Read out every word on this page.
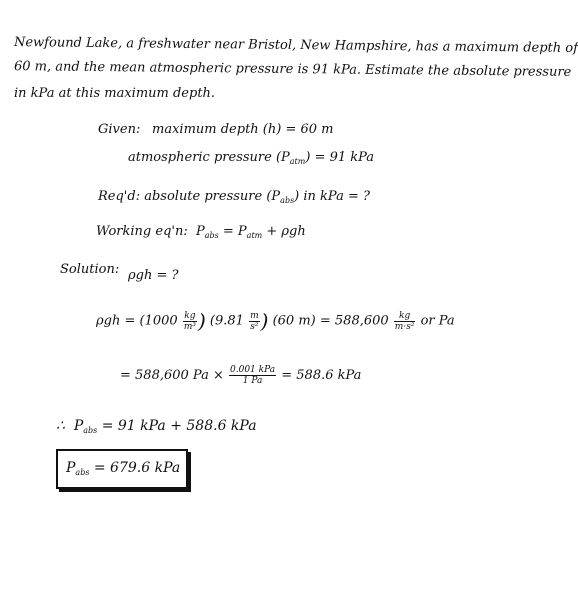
Newfound Lake, a freshwater near Bristol, New Hampshire, has a maximum depth of
60 m, and the mean atmospheric pressure is 91 kPa. Estimate the absolute pressure
in kPa at this maximum depth.
Given: maximum depth (h) = 60 m
atmospheric pressure $(P_{atm}) = 91$ kPa
Req'd: absolute pressure $(P_{abs})$ in kPa = ?
Working eq'n: $P_{abs} = P_{atm} + \rho gh$
Solution: ρgh = ?
$\rho gh = (1000 \frac{kg}{\text{m³}}$ ) ($9.81 \frac{m}{\text{s²}}$ ) (60 $m) = 588,600 \frac{kg}{\text{m·s²}}$ or Pa
= 588,600 $Pa \times \frac{\text{0.001 kPa}}{1 Pa} = 588.6$ kPa
∴ $P_{abs} = 91$ kPa + 588.6 kPa
$P_{abs} = 679.6$ kPa
